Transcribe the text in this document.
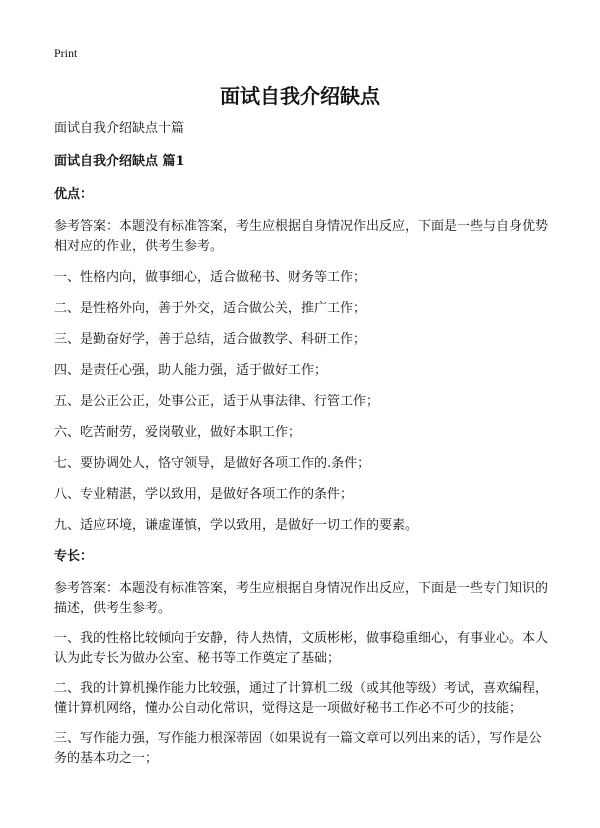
Print
面试自我介绍缺点
面试自我介绍缺点十篇
面试自我介绍缺点 篇1
优点：
参考答案：本题没有标准答案，考生应根据自身情况作出反应，下面是一些与自身优势相对应的作业，供考生参考。
一、性格内向，做事细心，适合做秘书、财务等工作；
二、是性格外向，善于外交，适合做公关，推广工作；
三、是勤奋好学，善于总结，适合做教学、科研工作；
四、是责任心强，助人能力强，适于做好工作；
五、是公正公正，处事公正，适于从事法律、行管工作；
六、吃苦耐劳，爱岗敬业，做好本职工作；
七、要协调处人，恪守领导，是做好各项工作的.条件；
八、专业精湛，学以致用，是做好各项工作的条件；
九、适应环境，谦虚谨慎，学以致用，是做好一切工作的要素。
专长：
参考答案：本题没有标准答案，考生应根据自身情况作出反应，下面是一些专门知识的描述，供考生参考。
一、我的性格比较倾向于安静，待人热情，文质彬彬，做事稳重细心，有事业心。本人认为此专长为做办公室、秘书等工作奠定了基础；
二、我的计算机操作能力比较强，通过了计算机二级（或其他等级）考试，喜欢编程，懂计算机网络，懂办公自动化常识，觉得这是一项做好秘书工作必不可少的技能；
三、写作能力强，写作能力根深蒂固（如果说有一篇文章可以列出来的话），写作是公务的基本功之一；
